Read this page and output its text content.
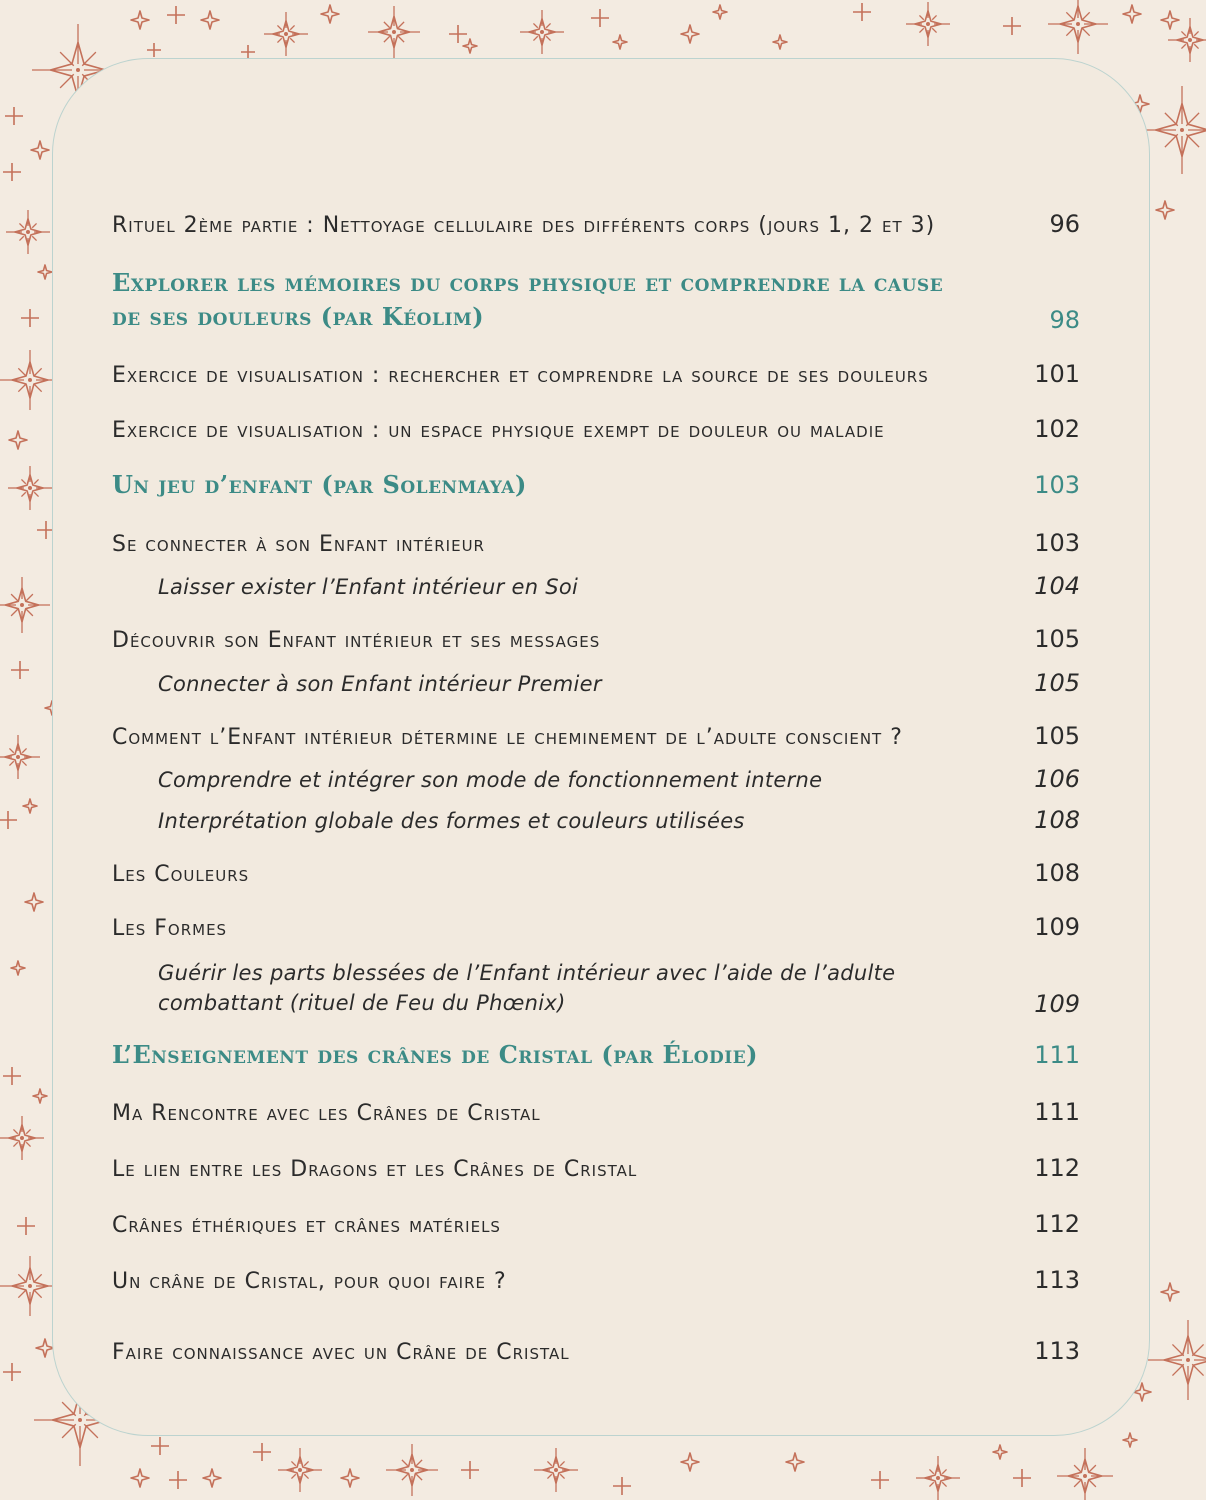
Rituel 2ème partie : Nettoyage cellulaire des différents corps (jours 1, 2 et 3)	96
Explorer les mémoires du corps physique et comprendre la cause
de ses douleurs (par Kéolim)	98
Exercice de visualisation : rechercher et comprendre la source de ses douleurs	101
Exercice de visualisation : un espace physique exempt de douleur ou maladie	102
Un jeu d’enfant (par Solenmaya)	103
Se connecter à son Enfant intérieur	103
Laisser exister l’Enfant intérieur en Soi	104
Découvrir son Enfant intérieur et ses messages	105
Connecter à son Enfant intérieur Premier	105
Comment l’Enfant intérieur détermine le cheminement de l’adulte conscient ?	105
Comprendre et intégrer son mode de fonctionnement interne	106
Interprétation globale des formes et couleurs utilisées	108
Les Couleurs	108
Les Formes	109
Guérir les parts blessées de l’Enfant intérieur avec l’aide de l’adulte
combattant (rituel de Feu du Phœnix)	109
L’Enseignement des crânes de Cristal (par Élodie)	111
Ma Rencontre avec les Crânes de Cristal	111
Le lien entre les Dragons et les Crânes de Cristal	112
Crânes éthériques et crânes matériels	112
Un crâne de Cristal, pour quoi faire ?	113
Faire connaissance avec un Crâne de Cristal	113
